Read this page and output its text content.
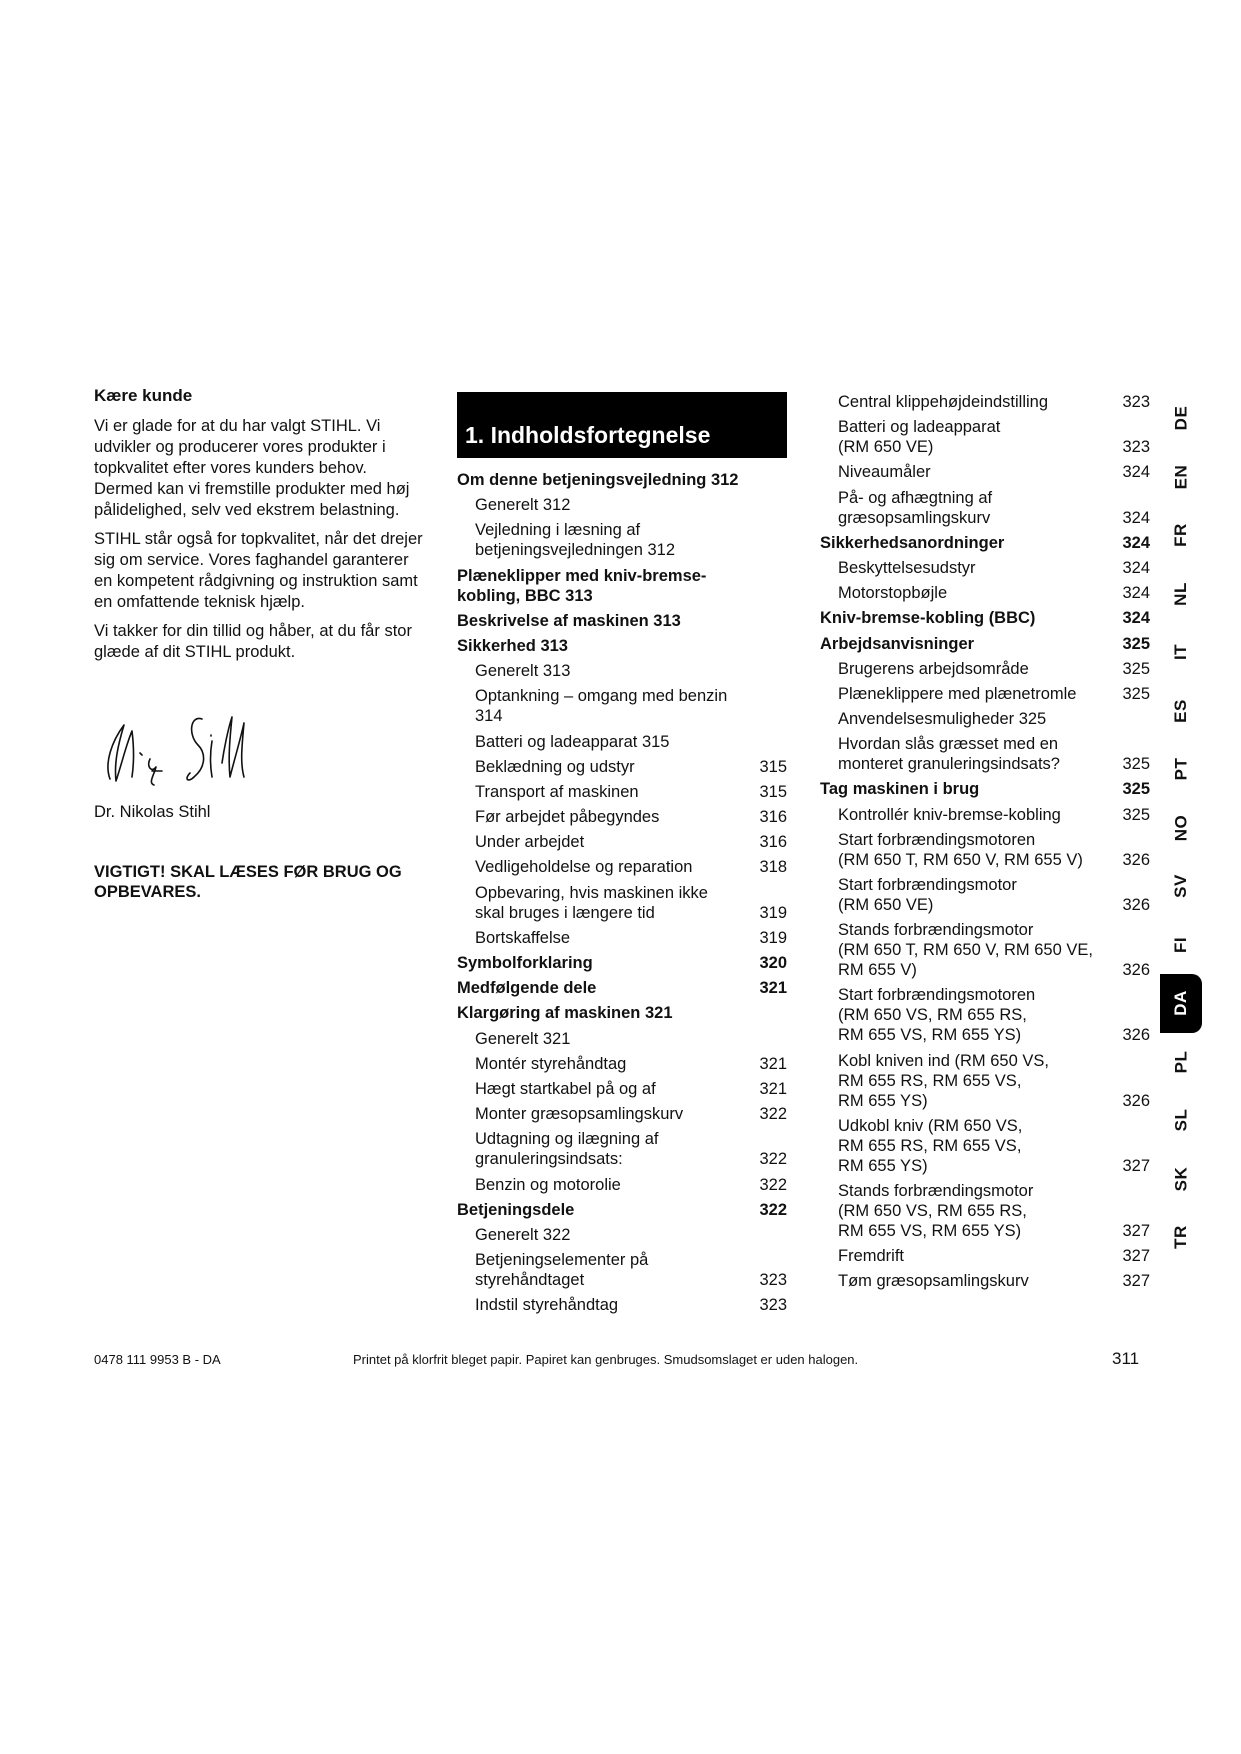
Kære kunde

Vi er glade for at du har valgt STIHL. Vi udvikler og producerer vores produkter i topkvalitet efter vores kunders behov. Dermed kan vi fremstille produkter med høj pålidelighed, selv ved ekstrem belastning.

STIHL står også for topkvalitet, når det drejer sig om service. Vores faghandel garanterer en kompetent rådgivning og instruktion samt en omfattende teknisk hjælp.

Vi takker for din tillid og håber, at du får stor glæde af dit STIHL produkt.

Dr. Nikolas Stihl
VIGTIGT! SKAL LÆSES FØR BRUG OG OPBEVARES.
1. Indholdsfortegnelse
Om denne betjeningsvejledning 312
Generelt 312
Vejledning i læsning af
betjeningsvejledningen 312
Plæneklipper med kniv-bremse-
kobling, BBC 313
Beskrivelse af maskinen 313
Sikkerhed 313
Generelt 313
Optankning – omgang med benzin 314
Batteri og ladeapparat 315
Beklædning og udstyr	315
Transport af maskinen	315
Før arbejdet påbegyndes	316
Under arbejdet	316
Vedligeholdelse og reparation	318
Opbevaring, hvis maskinen ikke
skal bruges i længere tid	319
Bortskaffelse	319
Symbolforklaring	320
Medfølgende dele	321
Klargøring af maskinen 321
Generelt 321
Montér styrehåndtag	321
Hægt startkabel på og af	321
Monter græsopsamlingskurv	322
Udtagning og ilægning af
granuleringsindsats:	322
Benzin og motorolie	322
Betjeningsdele	322
Generelt 322
Betjeningselementer på
styrehåndtaget	323
Indstil styrehåndtag	323
Central klippehøjdeindstilling	323
Batteri og ladeapparat
(RM 650 VE)	323
Niveaumåler	324
På- og afhægtning af
græsopsamlingskurv	324
Sikkerhedsanordninger	324
Beskyttelsesudstyr	324
Motorstopbøjle	324
Kniv-bremse-kobling (BBC)	324
Arbejdsanvisninger	325
Brugerens arbejdsområde	325
Plæneklippere med plænetromle	325
Anvendelsesmuligheder 325
Hvordan slås græsset med en
monteret granuleringsindsats?	325
Tag maskinen i brug	325
Kontrollér kniv-bremse-kobling	325
Start forbrændingsmotoren
(RM 650 T, RM 650 V, RM 655 V)	326
Start forbrændingsmotor
(RM 650 VE)	326
Stands forbrændingsmotor
(RM 650 T, RM 650 V, RM 650 VE,
RM 655 V)	326
Start forbrændingsmotoren
(RM 650 VS, RM 655 RS,
RM 655 VS, RM 655 YS)	326
Kobl kniven ind (RM 650 VS,
RM 655 RS, RM 655 VS,
RM 655 YS)	326
Udkobl kniv (RM 650 VS,
RM 655 RS, RM 655 VS,
RM 655 YS)	327
Stands forbrændingsmotor
(RM 650 VS, RM 655 RS,
RM 655 VS, RM 655 YS)	327
Fremdrift	327
Tøm græsopsamlingskurv	327
DE
EN
FR
NL
IT
ES
PT
NO
SV
FI
DA
PL
SL
SK
TR
0478 111 9953 B - DA	Printet på klorfrit bleget papir. Papiret kan genbruges. Smudsomslaget er uden halogen.	311
